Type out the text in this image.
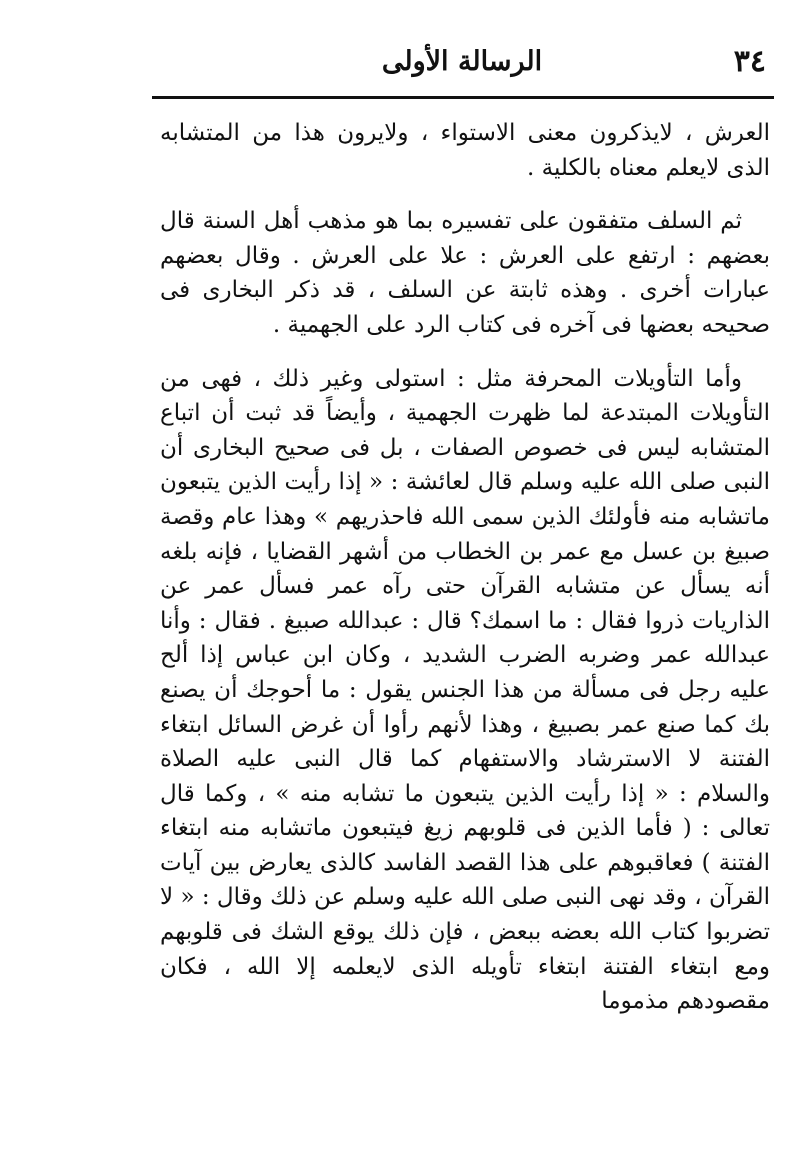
٣٤
الرسالة الأولى

العرش ، لايذكرون معنى الاستواء ، ولايرون هذا من المتشابه الذى لايعلم معناه بالكلية .

ثم السلف متفقون على تفسيره بما هو مذهب أهل السنة قال بعضهم : ارتفع على العرش : علا على العرش . وقال بعضهم عبارات أخرى . وهذه ثابتة عن السلف ، قد ذكر البخارى فى صحيحه بعضها فى آخره فى كتاب الرد على الجهمية .

وأما التأويلات المحرفة مثل : استولى وغير ذلك ، فهى من التأويلات المبتدعة لما ظهرت الجهمية ، وأيضاً قد ثبت أن اتباع المتشابه ليس فى خصوص الصفات ، بل فى صحيح البخارى أن النبى صلى الله عليه وسلم قال لعائشة : « إذا رأيت الذين يتبعون ماتشابه منه فأولئك الذين سمى الله فاحذريهم » وهذا عام وقصة صبيغ بن عسل مع عمر بن الخطاب من أشهر القضايا ، فإنه بلغه أنه يسأل عن متشابه القرآن حتى رآه عمر فسأل عمر عن الذاريات ذروا فقال : ما اسمك؟ قال : عبدالله صبيغ . فقال : وأنا عبدالله عمر وضربه الضرب الشديد ، وكان ابن عباس إذا ألح عليه رجل فى مسألة من هذا الجنس يقول : ما أحوجك أن يصنع بك كما صنع عمر بصبيغ ، وهذا لأنهم رأوا أن غرض السائل ابتغاء الفتنة لا الاسترشاد والاستفهام كما قال النبى عليه الصلاة والسلام : « إذا رأيت الذين يتبعون ما تشابه منه » ، وكما قال تعالى : ( فأما الذين فى قلوبهم زيغ فيتبعون ماتشابه منه ابتغاء الفتنة ) فعاقبوهم على هذا القصد الفاسد كالذى يعارض بين آيات القرآن ، وقد نهى النبى صلى الله عليه وسلم عن ذلك وقال : « لا تضربوا كتاب الله بعضه ببعض ، فإن ذلك يوقع الشك فى قلوبهم ومع ابتغاء الفتنة ابتغاء تأويله الذى لايعلمه إلا الله ، فكان مقصودهم مذموما
